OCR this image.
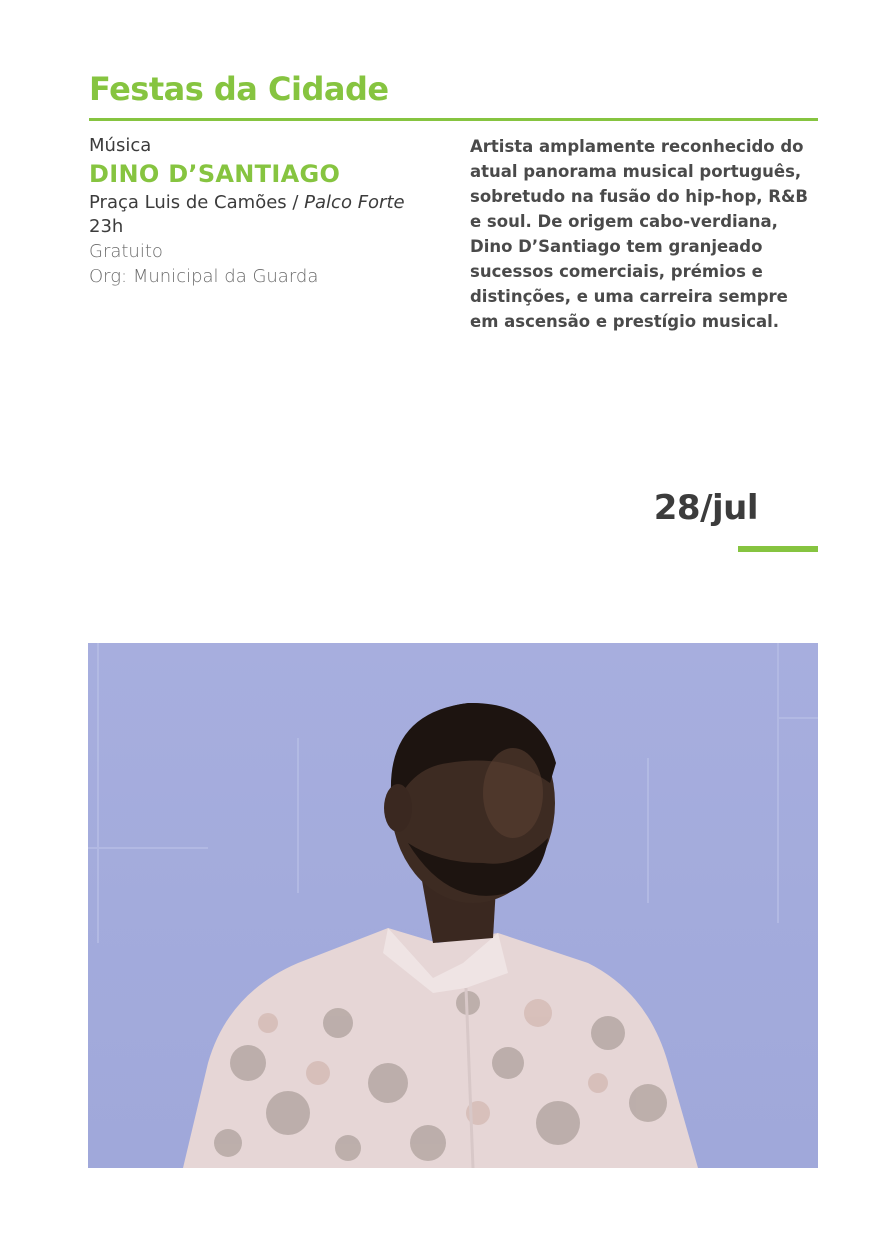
Festas da Cidade
Música
DINO D’SANTIAGO
Praça Luis de Camões / Palco Forte
23h
Gratuito
Org: Municipal da Guarda

Artista amplamente reconhecido do atual panorama musical português, sobretudo na fusão do hip-hop, R&B e soul. De origem cabo-verdiana, Dino D’Santiago tem granjeado sucessos comerciais, prémios e distinções, e uma carreira sempre em ascensão e prestígio musical.

28/jul
